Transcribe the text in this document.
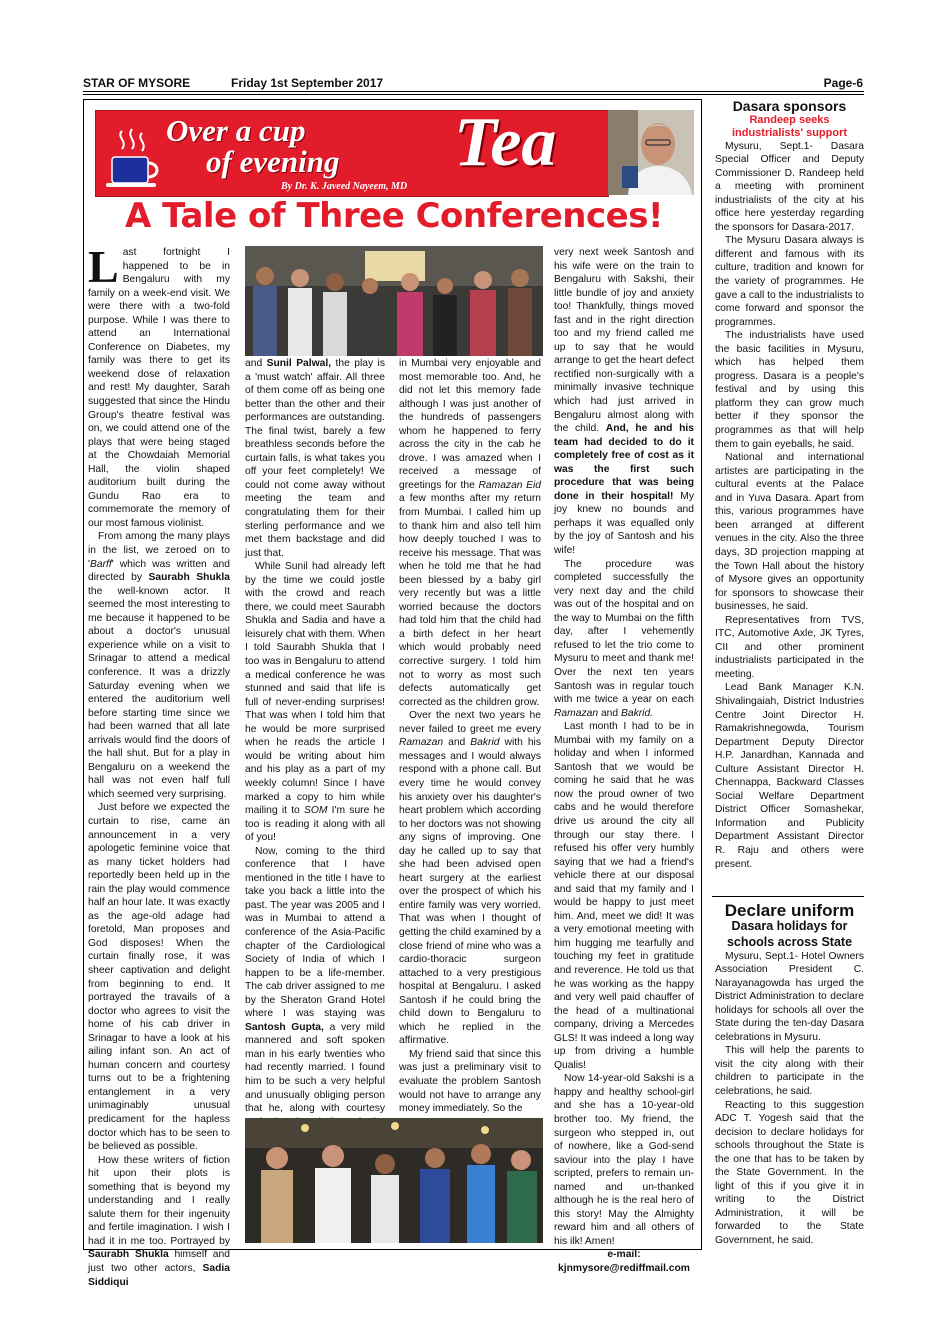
STAR OF MYSORE	Friday 1st September 2017	Page-6
Over a cup
of evening Tea
By Dr. K. Javeed Nayeem, MD
A Tale of Three Conferences!

Last fortnight I happened to be in Bengaluru with my family on a week-end visit. We were there with a two-fold purpose. While I was there to attend an International Conference on Diabetes, my family was there to get its weekend dose of relaxation and rest! My daughter, Sarah suggested that since the Hindu Group's theatre festival was on, we could attend one of the plays that were being staged at the Chowdaiah Memorial Hall, the violin shaped auditorium built during the Gundu Rao era to commemorate the memory of our most famous violinist.

From among the many plays in the list, we zeroed on to 'Barff' which was written and directed by Saurabh Shukla the well-known actor. It seemed the most interesting to me because it happened to be about a doctor's unusual experience while on a visit to Srinagar to attend a medical conference. It was a drizzly Saturday evening when we entered the auditorium well before starting time since we had been warned that all late arrivals would find the doors of the hall shut. But for a play in Bengaluru on a weekend the hall was not even half full which seemed very surprising.

Just before we expected the curtain to rise, came an announcement in a very apologetic feminine voice that as many ticket holders had reportedly been held up in the rain the play would commence half an hour late. It was exactly as the age-old adage had foretold, Man proposes and God disposes! When the curtain finally rose, it was sheer captivation and delight from beginning to end. It portrayed the travails of a doctor who agrees to visit the home of his cab driver in Srinagar to have a look at his ailing infant son. An act of human concern and courtesy turns out to be a frightening entanglement in a very unimaginably unusual predicament for the hapless doctor which has to be seen to be believed as possible.

How these writers of fiction hit upon their plots is something that is beyond my understanding and I really salute them for their ingenuity and fertile imagination. I wish I had it in me too. Portrayed by Saurabh Shukla himself and just two other actors, Sadia Siddiqui

and Sunil Palwal, the play is a 'must watch' affair. All three of them come off as being one better than the other and their performances are outstanding. The final twist, barely a few breathless seconds before the curtain falls, is what takes you off your feet completely! We could not come away without meeting the team and congratulating them for their sterling performance and we met them backstage and did just that.

While Sunil had already left by the time we could jostle with the crowd and reach there, we could meet Saurabh Shukla and Sadia and have a leisurely chat with them. When I told Saurabh Shukla that I too was in Bengaluru to attend a medical conference he was stunned and said that life is full of never-ending surprises! That was when I told him that he would be more surprised when he reads the article I would be writing about him and his play as a part of my weekly column! Since I have marked a copy to him while mailing it to SOM I'm sure he too is reading it along with all of you!

Now, coming to the third conference that I have mentioned in the title I have to take you back a little into the past. The year was 2005 and I was in Mumbai to attend a conference of the Asia-Pacific chapter of the Cardiological Society of India of which I happen to be a life-member. The cab driver assigned to me by the Sheraton Grand Hotel where I was staying was Santosh Gupta, a very mild mannered and soft spoken man in his early twenties who had recently married. I found him to be such a very helpful and unusually obliging person that he, along with courtesy

in Mumbai very enjoyable and most memorable too. And, he did not let this memory fade although I was just another of the hundreds of passengers whom he happened to ferry across the city in the cab he drove. I was amazed when I received a message of greetings for the Ramazan Eid a few months after my return from Mumbai. I called him up to thank him and also tell him how deeply touched I was to receive his message. That was when he told me that he had been blessed by a baby girl very recently but was a little worried because the doctors had told him that the child had a birth defect in her heart which would probably need corrective surgery. I told him not to worry as most such defects automatically get corrected as the children grow.

Over the next two years he never failed to greet me every Ramazan and Bakrid with his messages and I would always respond with a phone call. But every time he would convey his anxiety over his daughter's heart problem which according to her doctors was not showing any signs of improving. One day he called up to say that she had been advised open heart surgery at the earliest over the prospect of which his entire family was very worried. That was when I thought of getting the child examined by a close friend of mine who was a cardio-thoracic surgeon attached to a very prestigious hospital at Bengaluru. I asked Santosh if he could bring the child down to Bengaluru to which he replied in the affirmative.

My friend said that since this was just a preliminary visit to evaluate the problem Santosh would not have to arrange any money immediately. So the

very next week Santosh and his wife were on the train to Bengaluru with Sakshi, their little bundle of joy and anxiety too! Thankfully, things moved fast and in the right direction too and my friend called me up to say that he would arrange to get the heart defect rectified non-surgically with a minimally invasive technique which had just arrived in Bengaluru almost along with the child. And, he and his team had decided to do it completely free of cost as it was the first such procedure that was being done in their hospital! My joy knew no bounds and perhaps it was equalled only by the joy of Santosh and his wife!

The procedure was completed successfully the very next day and the child was out of the hospital and on the way to Mumbai on the fifth day, after I vehemently refused to let the trio come to Mysuru to meet and thank me! Over the next ten years Santosh was in regular touch with me twice a year on each Ramazan and Bakrid.

Last month I had to be in Mumbai with my family on a holiday and when I informed Santosh that we would be coming he said that he was now the proud owner of two cabs and he would therefore drive us around the city all through our stay there. I refused his offer very humbly saying that we had a friend's vehicle there at our disposal and said that my family and I would be happy to just meet him. And, meet we did! It was a very emotional meeting with him hugging me tearfully and touching my feet in gratitude and reverence. He told us that he was working as the happy and very well paid chauffer of the head of a multinational company, driving a Mercedes GLS! It was indeed a long way up from driving a humble Qualis!

Now 14-year-old Sakshi is a happy and healthy school-girl and she has a 10-year-old brother too. My friend, the surgeon who stepped in, out of nowhere, like a God-send saviour into the play I have scripted, prefers to remain un-named and un-thanked although he is the real hero of this story! May the Almighty reward him and all others of his ilk! Amen!

e-mail:
kjnmysore@rediffmail.com
Dasara sponsors
Randeep seeks industrialists' support

Mysuru, Sept.1- Dasara Special Officer and Deputy Commissioner D. Randeep held a meeting with prominent industrialists of the city at his office here yesterday regarding the sponsors for Dasara-2017.

The Mysuru Dasara always is different and famous with its culture, tradition and known for the variety of programmes. He gave a call to the industrialists to come forward and sponsor the programmes.

The industrialists have used the basic facilities in Mysuru, which has helped them progress. Dasara is a people's festival and by using this platform they can grow much better if they sponsor the programmes as that will help them to gain eyeballs, he said.

National and international artistes are participating in the cultural events at the Palace and in Yuva Dasara. Apart from this, various programmes have been arranged at different venues in the city. Also the three days, 3D projection mapping at the Town Hall about the history of Mysore gives an opportunity for sponsors to showcase their businesses, he said.

Representatives from TVS, ITC, Automotive Axle, JK Tyres, CII and other prominent industrialists participated in the meeting.

Lead Bank Manager K.N. Shivalingaiah, District Industries Centre Joint Director H. Ramakrishnegowda, Tourism Department Deputy Director H.P. Janardhan, Kannada and Culture Assistant Director H. Chennappa, Backward Classes Social Welfare Department District Officer Somashekar, Information and Publicity Department Assistant Director R. Raju and others were present.

Declare uniform
Dasara holidays for schools across State

Mysuru, Sept.1- Hotel Owners Association President C. Narayanagowda has urged the District Administration to declare holidays for schools all over the State during the ten-day Dasara celebrations in Mysuru.

This will help the parents to visit the city along with their children to participate in the celebrations, he said.

Reacting to this suggestion ADC T. Yogesh said that the decision to declare holidays for schools throughout the State is the one that has to be taken by the State Government. In the light of this if you give it in writing to the District Administration, it will be forwarded to the State Government, he said.
